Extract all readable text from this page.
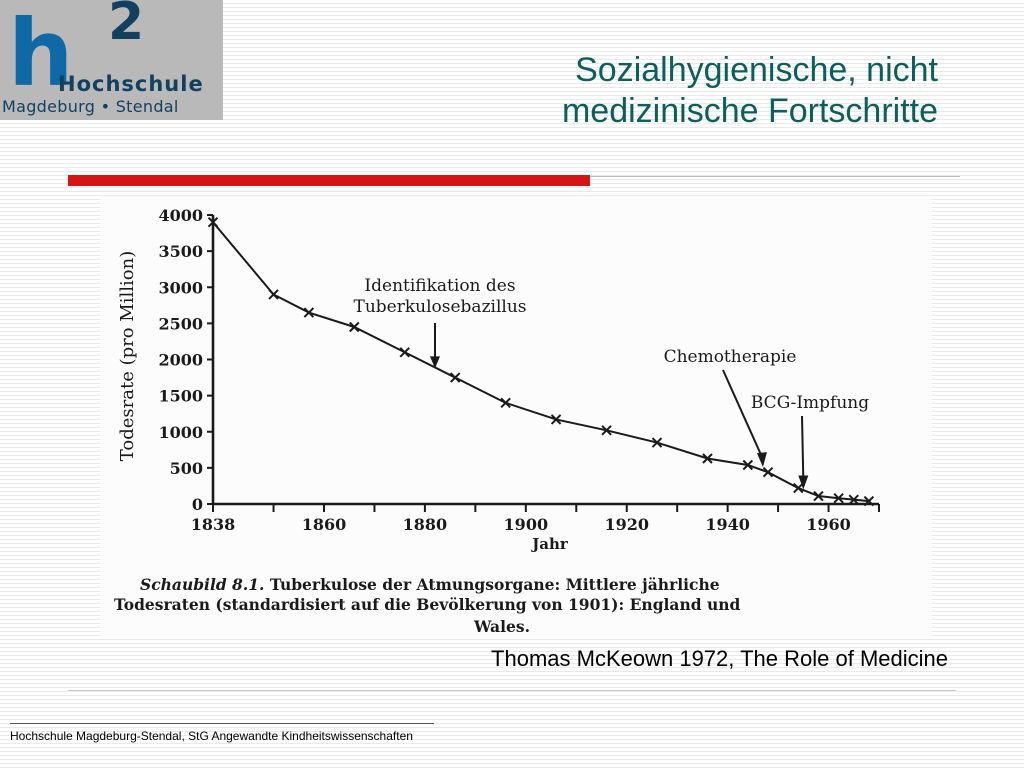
h 2
Hochschule
Magdeburg • Stendal
Sozialhygienische, nicht
medizinische Fortschritte
0
500
1000
1500
2000
2500
3000
3500
4000
1838	1860	1880	1900	1920	1940	1960
Jahr
Todesrate (pro Million)	Identifikation des
Tuberkulosebazillus
Chemotherapie
BCG-Impfung
Schaubild 8.1. Tuberkulose der Atmungsorgane: Mittlere jährliche
Todesraten (standardisiert auf die Bevölkerung von 1901): England und
Wales.
Thomas McKeown 1972, The Role of Medicine
Hochschule Magdeburg-Stendal, StG Angewandte Kindheitswissenschaften
